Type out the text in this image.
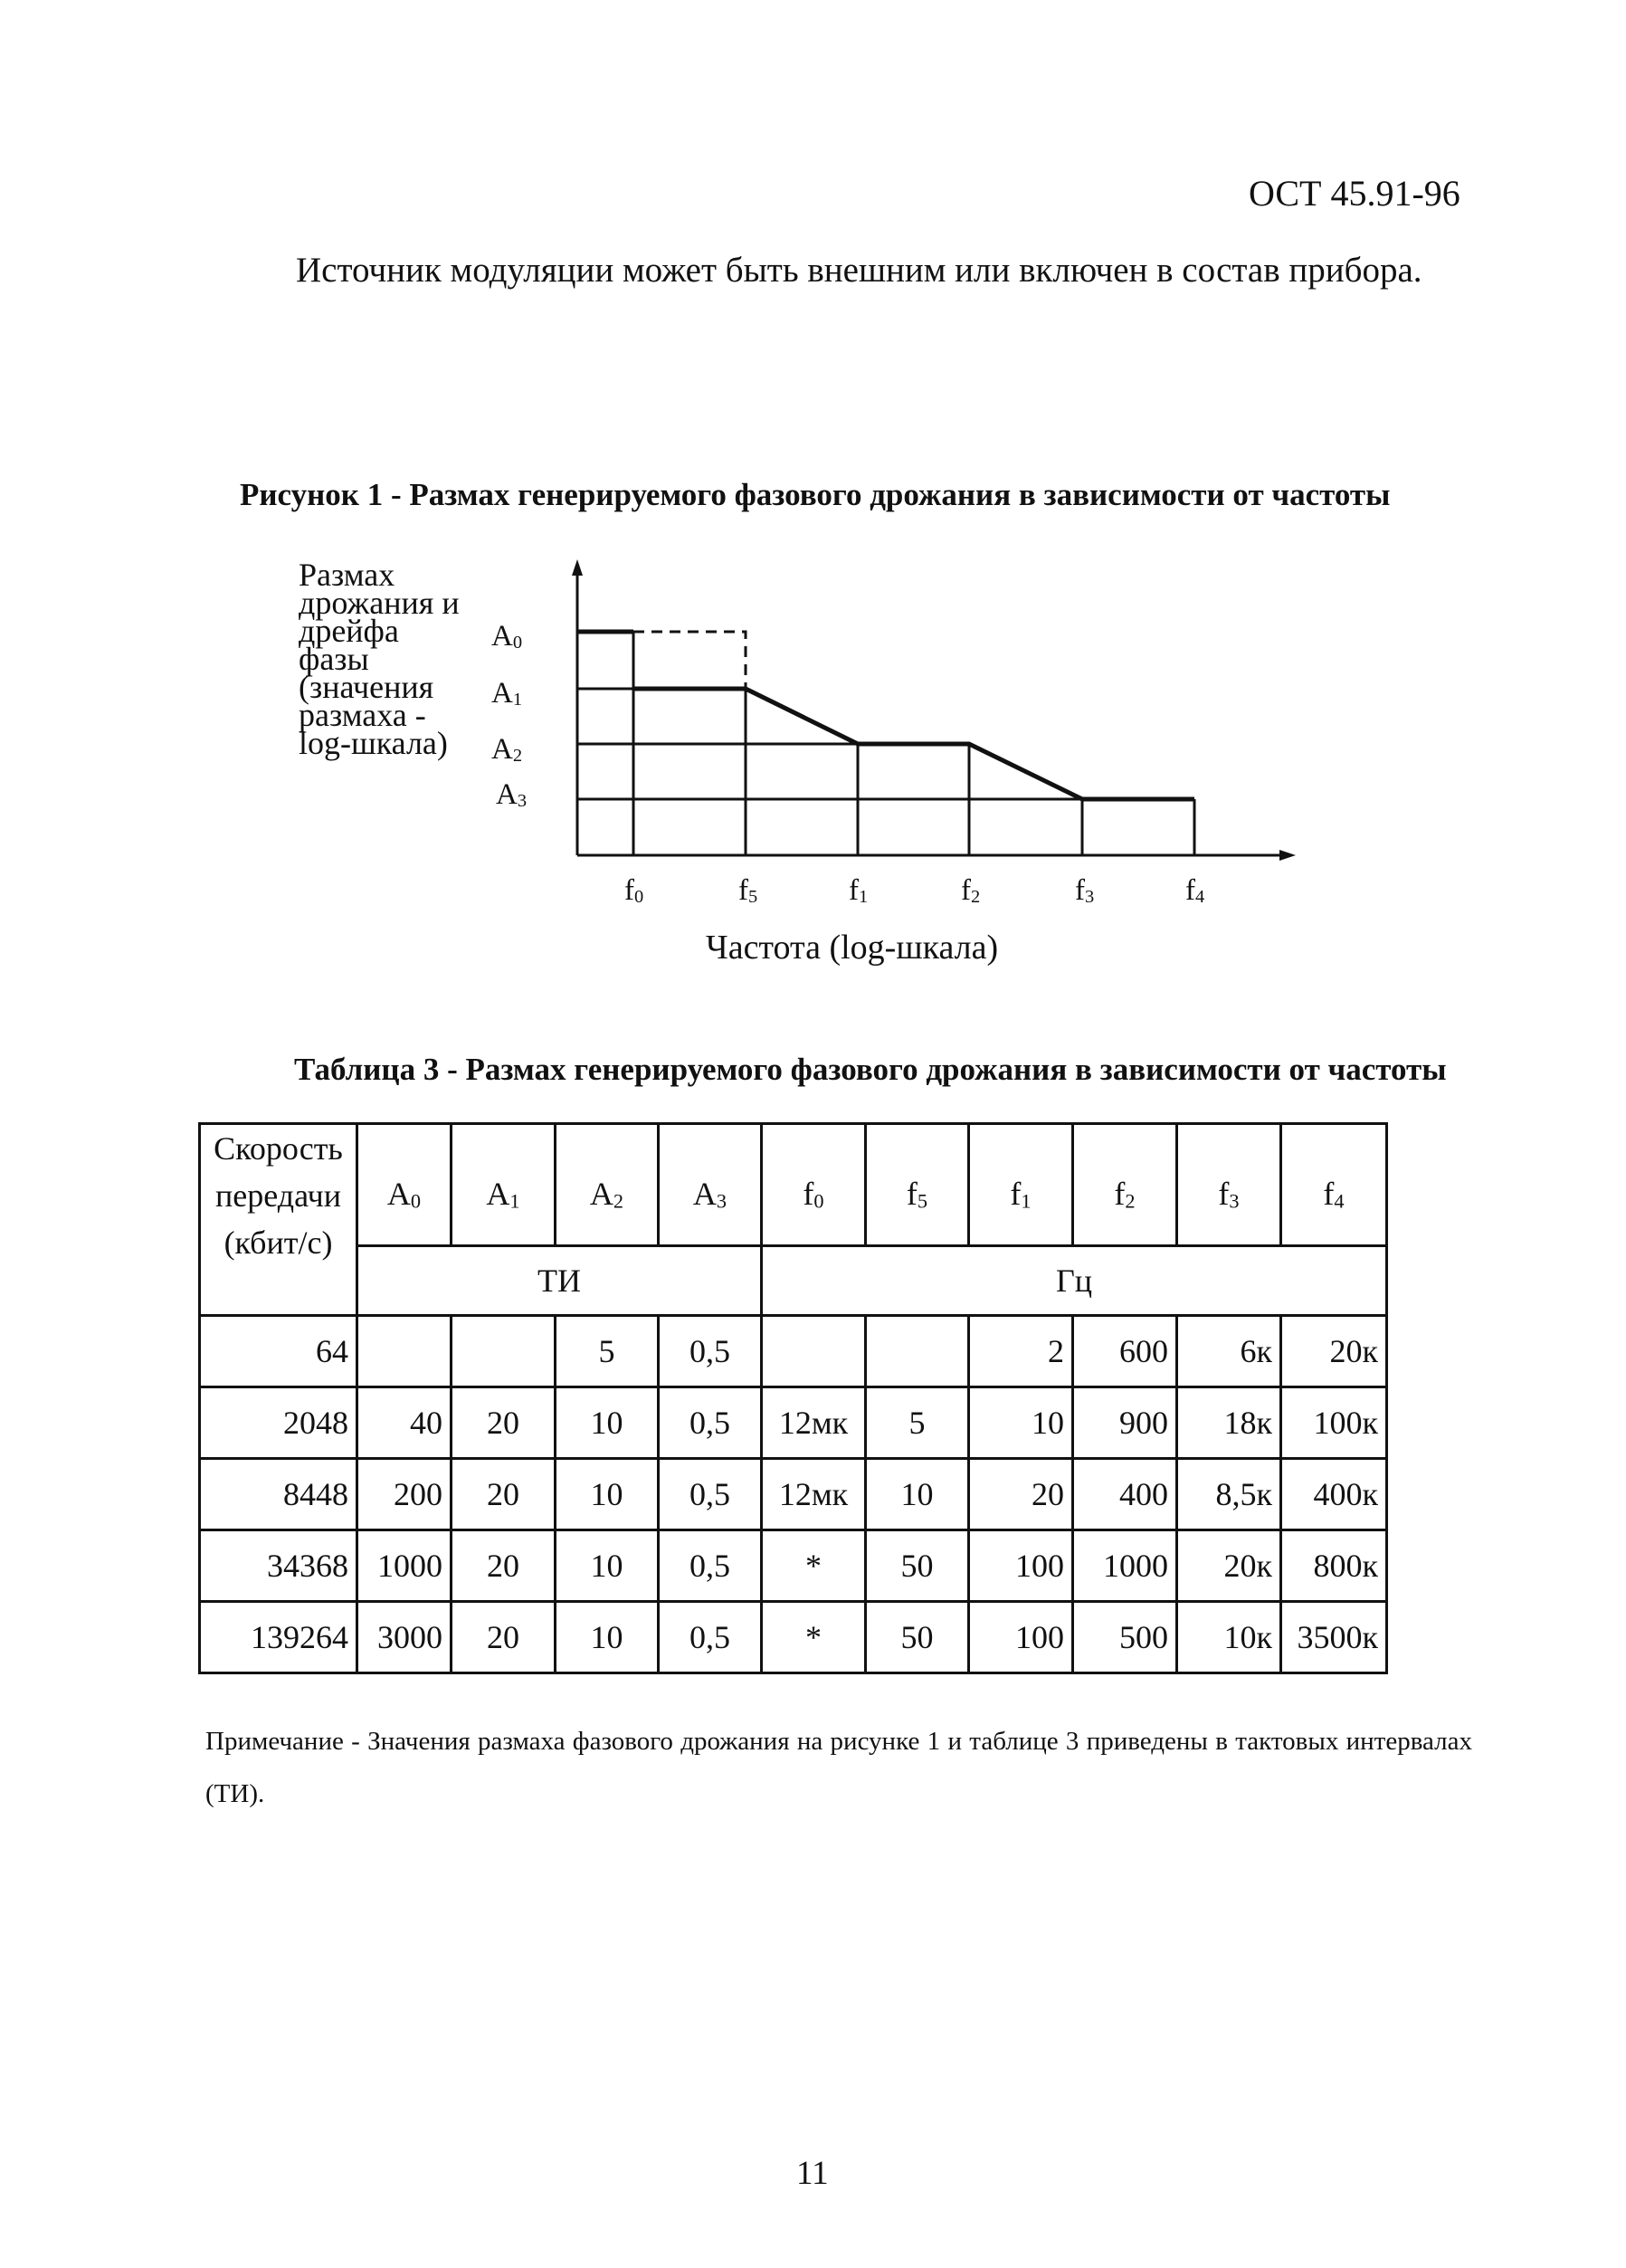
ОСТ 45.91-96
Источник модуляции может быть внешним или включен в состав прибора.
Рисунок 1 - Размах генерируемого фазового дрожания в зависимости от частоты
Размах
дрожания и
дрейфа
фазы
(значения
размаха -
log-шкала)
$A_0$
$A_1$
$A_2$
$A_3$
$f_0$	$f_5$	$f_1$	$f_2$	$f_3$	$f_4$
Частота (log-шкала)
Таблица 3 - Размах генерируемого фазового дрожания в зависимости от частоты
Скорость
передачи
(кбит/с)	$A_0$	$A_1$	$A_2$	$A_3$	$f_0$	$f_5$	$f_1$	$f_2$	$f_3$	$f_4$
	ТИ				Гц					
64			5	0,5			2	600	6к	20к
2048	40	20	10	0,5	12мк	5	10	900	18к	100к
8448	200	20	10	0,5	12мк	10	20	400	8,5к	400к
34368	1000	20	10	0,5	*	50	100	1000	20к	800к
139264	3000	20	10	0,5	*	50	100	500	10к	3500к
Примечание - Значения размаха фазового дрожания на рисунке 1 и таблице 3 приведены в тактовых интервалах (ТИ).
11
